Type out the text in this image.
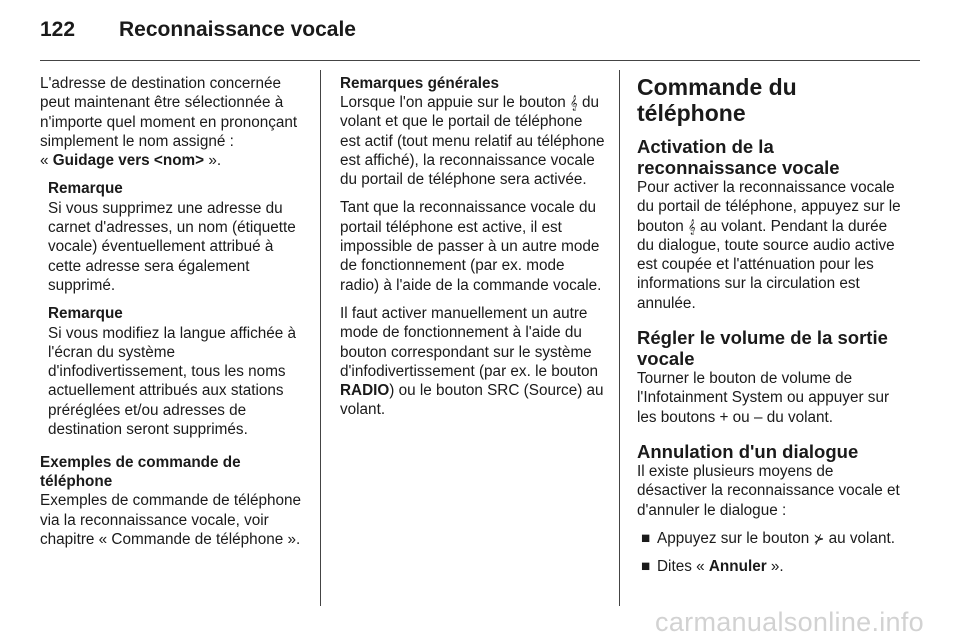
122 Reconnaissance vocale

L'adresse de destination concernée peut maintenant être sélectionnée à n'importe quel moment en prononçant simplement le nom assigné :
« Guidage vers <nom> ».

Remarque

Si vous supprimez une adresse du carnet d'adresses, un nom (étiquette vocale) éventuellement attribué à cette adresse sera également supprimé.

Remarque

Si vous modifiez la langue affichée à l'écran du système d'infodivertissement, tous les noms actuellement attribués aux stations préréglées et/ou adresses de destination seront supprimés.

Exemples de commande de téléphone

Exemples de commande de téléphone via la reconnaissance vocale, voir chapitre « Commande de téléphone ».

Remarques générales

Lorsque l'on appuie sur le bouton 𝄞 du volant et que le portail de téléphone est actif (tout menu relatif au téléphone est affiché), la reconnaissance vocale du portail de téléphone sera activée.

Tant que la reconnaissance vocale du portail téléphone est active, il est impossible de passer à un autre mode de fonctionnement (par ex. mode radio) à l'aide de la commande vocale.

Il faut activer manuellement un autre mode de fonctionnement à l'aide du bouton correspondant sur le système d'infodivertissement (par ex. le bouton RADIO) ou le bouton SRC (Source) au volant.

Commande du téléphone
Activation de la reconnaissance vocale

Pour activer la reconnaissance vocale du portail de téléphone, appuyez sur le bouton 𝄞 au volant. Pendant la durée du dialogue, toute source audio active est coupée et l'atténuation pour les informations sur la circulation est annulée.

Régler le volume de la sortie vocale

Tourner le bouton de volume de l'Infotainment System ou appuyer sur les boutons + ou – du volant.

Annulation d'un dialogue

Il existe plusieurs moyens de désactiver la reconnaissance vocale et d'annuler le dialogue :

■ Appuyez sur le bouton ⊁ au volant.
■ Dites « Annuler ».
carmanualsonline.info
